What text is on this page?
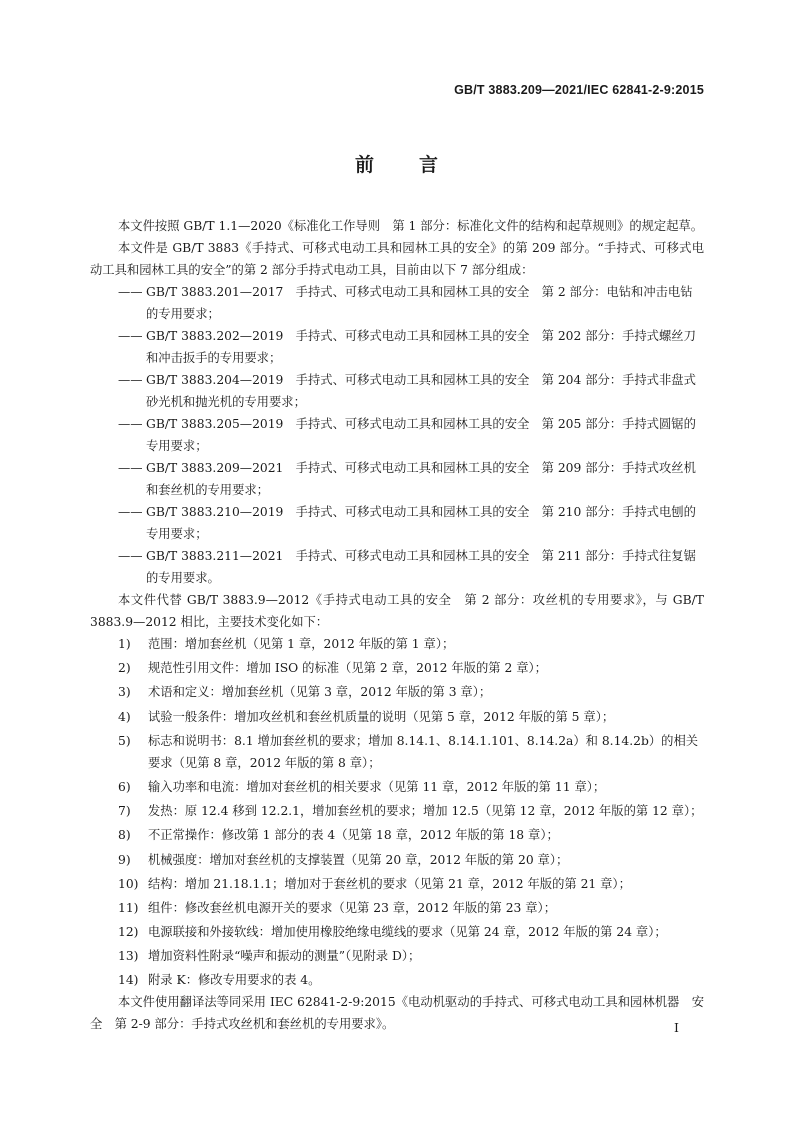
GB/T 3883.209—2021/IEC 62841-2-9:2015
前 言

本文件按照 GB/T 1.1—2020《标准化工作导则　第 1 部分：标准化文件的结构和起草规则》的规定起草。

本文件是 GB/T 3883《手持式、可移式电动工具和园林工具的安全》的第 209 部分。“手持式、可移式电动工具和园林工具的安全”的第 2 部分手持式电动工具，目前由以下 7 部分组成：

—— GB/T 3883.201—2017　手持式、可移式电动工具和园林工具的安全　第 2 部分：电钻和冲击电钻的专用要求；
—— GB/T 3883.202—2019　手持式、可移式电动工具和园林工具的安全　第 202 部分：手持式螺丝刀和冲击扳手的专用要求；
—— GB/T 3883.204—2019　手持式、可移式电动工具和园林工具的安全　第 204 部分：手持式非盘式砂光机和抛光机的专用要求；
—— GB/T 3883.205—2019　手持式、可移式电动工具和园林工具的安全　第 205 部分：手持式圆锯的专用要求；
—— GB/T 3883.209—2021　手持式、可移式电动工具和园林工具的安全　第 209 部分：手持式攻丝机和套丝机的专用要求；
—— GB/T 3883.210—2019　手持式、可移式电动工具和园林工具的安全　第 210 部分：手持式电刨的专用要求；
—— GB/T 3883.211—2021　手持式、可移式电动工具和园林工具的安全　第 211 部分：手持式往复锯的专用要求。

本文件代替 GB/T 3883.9—2012《手持式电动工具的安全　第 2 部分：攻丝机的专用要求》，与 GB/T 3883.9—2012 相比，主要技术变化如下：

1)	范围：增加套丝机（见第 1 章，2012 年版的第 1 章）；
2)	规范性引用文件：增加 ISO 的标准（见第 2 章，2012 年版的第 2 章）；
3)	术语和定义：增加套丝机（见第 3 章，2012 年版的第 3 章）；
4)	试验一般条件：增加攻丝机和套丝机质量的说明（见第 5 章，2012 年版的第 5 章）；
5)	标志和说明书：8.1 增加套丝机的要求；增加 8.14.1、8.14.1.101、8.14.2a）和 8.14.2b）的相关要求（见第 8 章，2012 年版的第 8 章）；
6)	输入功率和电流：增加对套丝机的相关要求（见第 11 章，2012 年版的第 11 章）；
7)	发热：原 12.4 移到 12.2.1，增加套丝机的要求；增加 12.5（见第 12 章，2012 年版的第 12 章）；
8)	不正常操作：修改第 1 部分的表 4（见第 18 章，2012 年版的第 18 章）；
9)	机械强度：增加对套丝机的支撑装置（见第 20 章，2012 年版的第 20 章）；
10) 结构：增加 21.18.1.1；增加对于套丝机的要求（见第 21 章，2012 年版的第 21 章）；
11) 组件：修改套丝机电源开关的要求（见第 23 章，2012 年版的第 23 章）；
12) 电源联接和外接软线：增加使用橡胶绝缘电缆线的要求（见第 24 章，2012 年版的第 24 章）；
13) 增加资料性附录“噪声和振动的测量”（见附录 D）；
14) 附录 K：修改专用要求的表 4。

本文件使用翻译法等同采用 IEC 62841-2-9:2015《电动机驱动的手持式、可移式电动工具和园林机器　安全　第 2-9 部分：手持式攻丝机和套丝机的专用要求》。	I
